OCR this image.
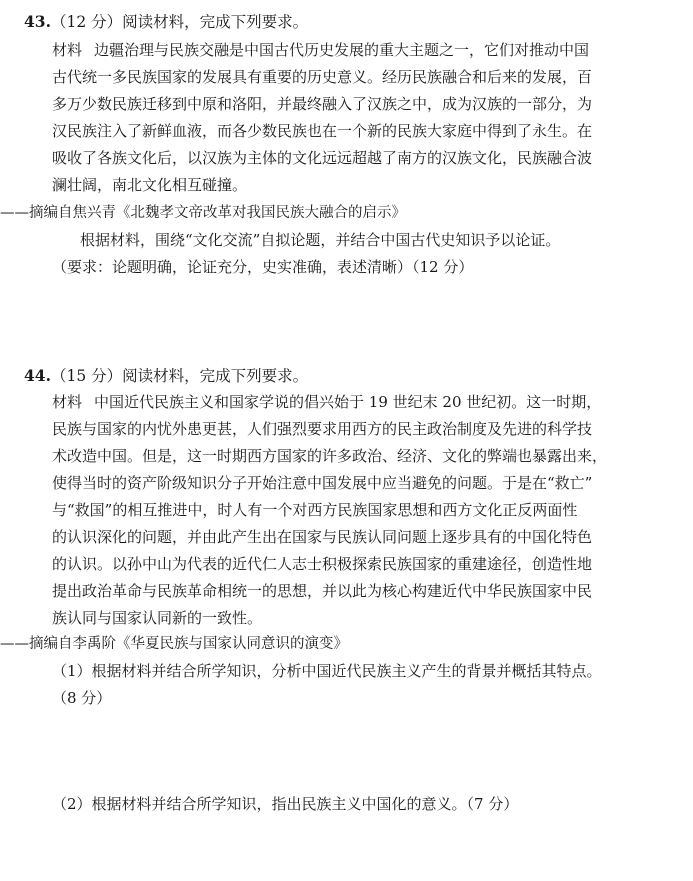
43.（12 分）阅读材料，完成下列要求。
材料 边疆治理与民族交融是中国古代历史发展的重大主题之一，它们对推动中国
古代统一多民族国家的发展具有重要的历史意义。经历民族融合和后来的发展，百
多万少数民族迁移到中原和洛阳，并最终融入了汉族之中，成为汉族的一部分，为
汉民族注入了新鲜血液，而各少数民族也在一个新的民族大家庭中得到了永生。在
吸收了各族文化后，以汉族为主体的文化远远超越了南方的汉族文化，民族融合波
澜壮阔，南北文化相互碰撞。
——摘编自焦兴青《北魏孝文帝改革对我国民族大融合的启示》
根据材料，围绕“文化交流”自拟论题，并结合中国古代史知识予以论证。
（要求：论题明确，论证充分，史实准确，表述清晰）（12 分）
44.（15 分）阅读材料，完成下列要求。
材料 中国近代民族主义和国家学说的倡兴始于 19 世纪末 20 世纪初。这一时期，
民族与国家的内忧外患更甚，人们强烈要求用西方的民主政治制度及先进的科学技
术改造中国。但是，这一时期西方国家的许多政治、经济、文化的弊端也暴露出来，
使得当时的资产阶级知识分子开始注意中国发展中应当避免的问题。于是在“救亡”
与“救国”的相互推进中，时人有一个对西方民族国家思想和西方文化正反两面性
的认识深化的问题，并由此产生出在国家与民族认同问题上逐步具有的中国化特色
的认识。以孙中山为代表的近代仁人志士积极探索民族国家的重建途径，创造性地
提出政治革命与民族革命相统一的思想，并以此为核心构建近代中华民族国家中民
族认同与国家认同新的一致性。
——摘编自李禹阶《华夏民族与国家认同意识的演变》
（1）根据材料并结合所学知识，分析中国近代民族主义产生的背景并概括其特点。
（8 分）
（2）根据材料并结合所学知识，指出民族主义中国化的意义。（7 分）
